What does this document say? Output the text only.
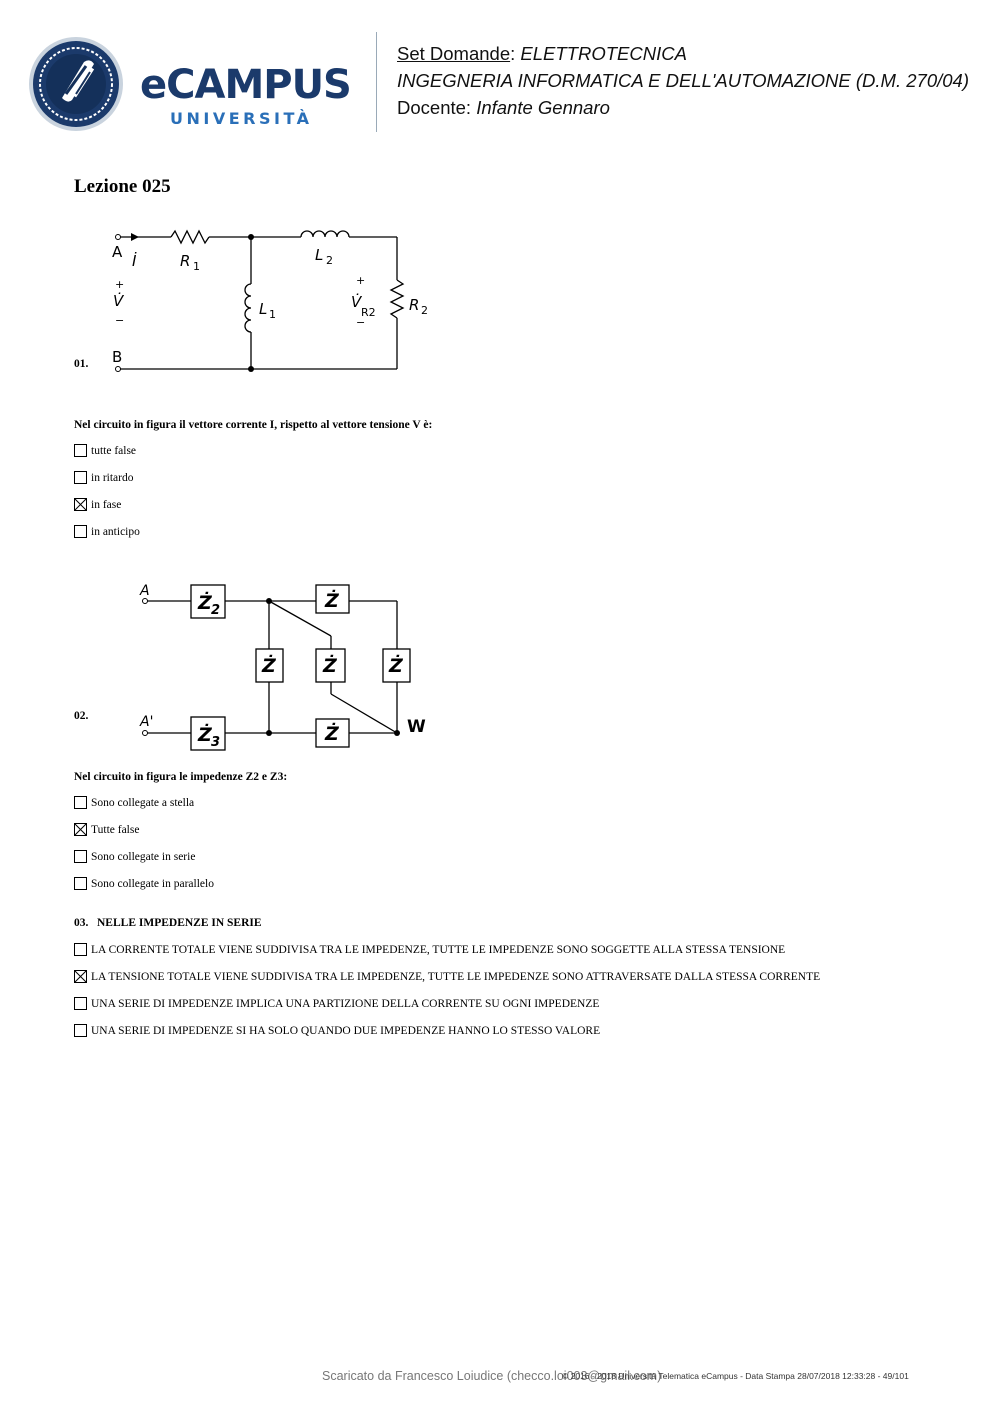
eCAMPUS
UNIVERSITÀ
Set Domande: ELETTROTECNICA
INGEGNERIA INFORMATICA E DELL'AUTOMAZIONE (D.M. 270/04)
Docente: Infante Gennaro
Lezione 025
01.
A İ	R 1
L 2
L 1
+
V̇
−
+
V̇
R2
−
R 2
B
Nel circuito in figura il vettore corrente I, rispetto al vettore tensione V è:
tutte false
in ritardo
in fase
in anticipo
02.
Ż 2
Ż 3
Ż
Ż
Ż Ż	Ż
A
A'	W
Nel circuito in figura le impedenze Z2 e Z3:
Sono collegate a stella
Tutte false
Sono collegate in serie
Sono collegate in parallelo
03. NELLE IMPEDENZE IN SERIE
LA CORRENTE TOTALE VIENE SUDDIVISA TRA LE IMPEDENZE, TUTTE LE IMPEDENZE SONO SOGGETTE ALLA STESSA TENSIONE
LA TENSIONE TOTALE VIENE SUDDIVISA TRA LE IMPEDENZE, TUTTE LE IMPEDENZE SONO ATTRAVERSATE DALLA STESSA CORRENTE
UNA SERIE DI IMPEDENZE IMPLICA UNA PARTIZIONE DELLA CORRENTE SU OGNI IMPEDENZE
UNA SERIE DI IMPEDENZE SI HA SOLO QUANDO DUE IMPEDENZE HANNO LO STESSO VALORE
Scaricato da Francesco Loiudice (checco.loi003@gmail.com)
© 2016 - 2018 Università Telematica eCampus - Data Stampa 28/07/2018 12:33:28 - 49/101
